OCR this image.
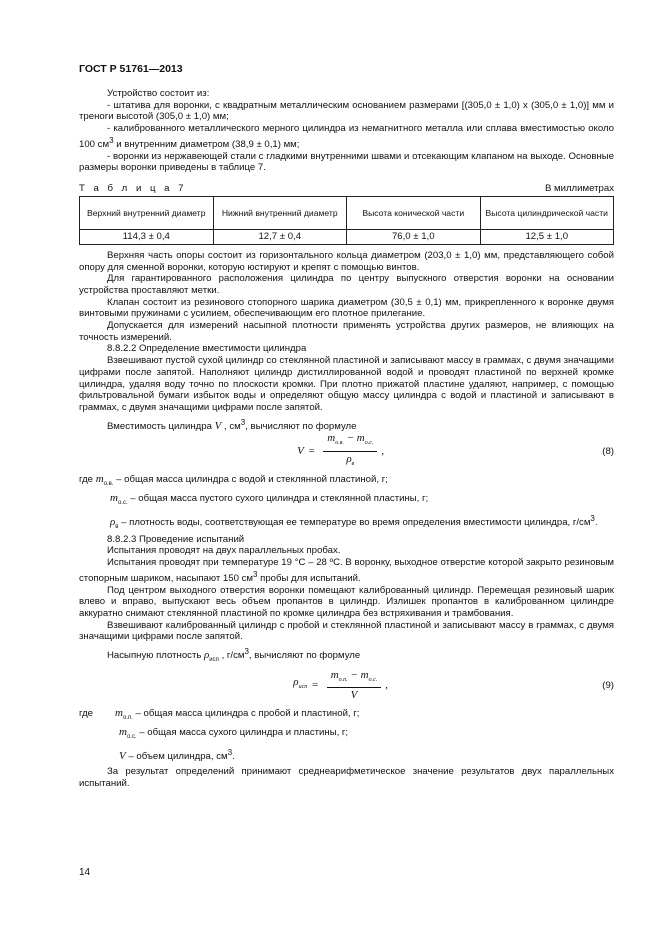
ГОСТ Р 51761—2013

Устройство состоит из:

- штатива для воронки, с квадратным металлическим основанием размерами [(305,0 ± 1,0) х (305,0 ± 1,0)] мм и треноги высотой (305,0 ± 1,0) мм;

- калиброванного металлического мерного цилиндра из немагнитного металла или сплава вместимостью около 100 $см^3$ и внутренним диаметром (38,9 ± 0,1) мм;

- воронки из нержавеющей стали с гладкими внутренними швами и отсекающим клапаном на выходе. Основные размеры воронки приведены в таблице 7.

Т а б л и ц а 7	В миллиметрах
Верхний внутренний диаметр	Нижний внутренний диаметр	Высота конической части	Высота цилиндрической части
114,3 ± 0,4	12,7 ± 0,4	76,0 ± 1,0	12,5 ± 1,0

Верхняя часть опоры состоит из горизонтального кольца диаметром (203,0 ± 1,0) мм, представляющего собой опору для сменной воронки, которую юстируют и крепят с помощью винтов.

Для гарантированного расположения цилиндра по центру выпускного отверстия воронки на основании устройства проставляют метки.

Клапан состоит из резинового стопорного шарика диаметром (30,5 ± 0,1) мм, прикрепленного к воронке двумя винтовыми пружинами с усилием, обеспечивающим его плотное прилегание.

Допускается для измерений насыпной плотности применять устройства других размеров, не влияющих на точность измерений.

8.8.2.2 Определение вместимости цилиндра

Взвешивают пустой сухой цилиндр со стеклянной пластиной и записывают массу в граммах, с двумя значащими цифрами после запятой. Наполняют цилиндр дистиллированной водой и проводят пластиной по верхней кромке цилиндра, удаляя воду точно по плоскости кромки. При плотно прижатой пластине удаляют, например, с помощью фильтровальной бумаги избыток воды и определяют общую массу цилиндра с водой и пластиной и записывают в граммах, с двумя значащими цифрами после запятой.

Вместимость цилиндра V , $см^3$, вычисляют по формуле

$V = \frac{m_{о.в.} - m_{о.с.}}{\rho_в}$ ,	(8)

где $m_{о.в.}$ – общая масса цилиндра с водой и стеклянной пластиной, г;

$m_{о.с.}$ – общая масса пустого сухого цилиндра и стеклянной пластины, г;

$\rho_в$ – плотность воды, соответствующая ее температуре во время определения вместимости цилиндра, $г/см^3$.

8.8.2.3 Проведение испытаний

Испытания проводят на двух параллельных пробах.

Испытания проводят при температуре 19 °С – 28 ºС. В воронку, выходное отверстие которой закрыто резиновым стопорным шариком, насыпают 150 $см^3$ пробы для испытаний.

Под центром выходного отверстия воронки помещают калиброванный цилиндр. Перемещая резиновый шарик влево и вправо, выпускают весь объем пропантов в цилиндр. Излишек пропантов в калиброванном цилиндре аккуратно снимают стеклянной пластиной по кромке цилиндра без встряхивания и трамбования.

Взвешивают калиброванный цилиндр с пробой и стеклянной пластиной и записывают массу в граммах, с двумя значащими цифрами после запятой.

Насыпную плотность $\rho_{исп}$ , $г/см^3$, вычисляют по формуле

$\rho_{исп} = \frac{m_{о.п.} - m_{о.с.}}{V}$ ,	(9)

где $m_{о.п.}$ – общая масса цилиндра с пробой и пластиной, г;

$m_{о.с.}$ – общая масса сухого цилиндра и пластины, г;

V – объем цилиндра, $см^3$.

За результат определений принимают среднеарифметическое значение результатов двух параллельных испытаний.

14
